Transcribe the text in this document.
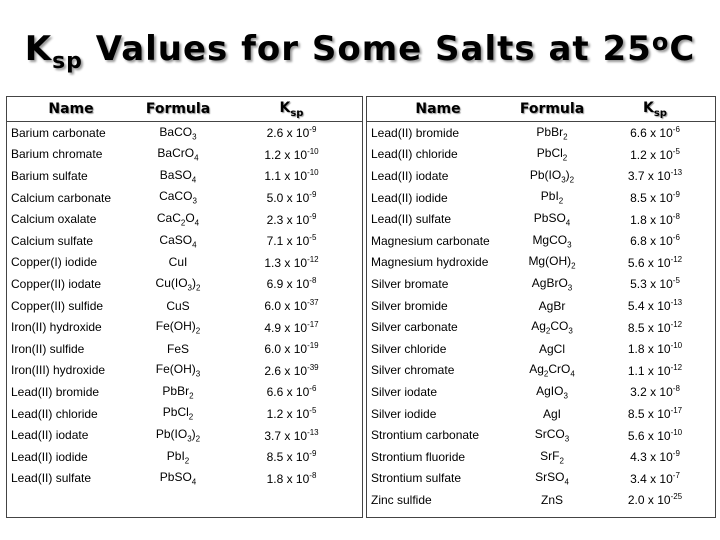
$K_{sp}$ Values for Some Salts at 25$^o$C
Name	Formula	$K_{sp}$
Barium carbonate	BaCO$_3$	2.6 x $10^{-9}$
Barium chromate	BaCrO$_4$	1.2 x $10^{-10}$
Barium sulfate	BaSO$_4$	1.1 x $10^{-10}$
Calcium carbonate	CaCO$_3$	5.0 x $10^{-9}$
Calcium oxalate	$CaC_2O_4$	2.3 x $10^{-9}$
Calcium sulfate	CaSO$_4$	7.1 x $10^{-5}$
Copper(I) iodide	CuI	1.3 x $10^{-12}$
Copper(II) iodate	$Cu(IO_3)_2$	6.9 x $10^{-8}$
Copper(II) sulfide	CuS	6.0 x $10^{-37}$
Iron(II) hydroxide	$Fe(OH)_2$	4.9 x $10^{-17}$
Iron(II) sulfide	FeS	6.0 x $10^{-19}$
Iron(III) hydroxide	$Fe(OH)_3$	2.6 x $10^{-39}$
Lead(II) bromide	PbBr$_2$	6.6 x $10^{-6}$
Lead(II) chloride	PbCl$_2$	1.2 x $10^{-5}$
Lead(II) iodate	$Pb(IO_3)_2$	3.7 x $10^{-13}$
Lead(II) iodide	PbI$_2$	8.5 x $10^{-9}$
Lead(II) sulfate	PbSO$_4$	1.8 x $10^{-8}$
Name	Formula	$K_{sp}$
Lead(II) bromide	PbBr$_2$	6.6 x $10^{-6}$
Lead(II) chloride	PbCl$_2$	1.2 x $10^{-5}$
Lead(II) iodate	$Pb(IO_3)_2$	3.7 x $10^{-13}$
Lead(II) iodide	PbI$_2$	8.5 x $10^{-9}$
Lead(II) sulfate	PbSO$_4$	1.8 x $10^{-8}$
Magnesium carbonate	MgCO$_3$	6.8 x $10^{-6}$
Magnesium hydroxide	$Mg(OH)_2$	5.6 x $10^{-12}$
Silver bromate	AgBrO$_3$	5.3 x $10^{-5}$
Silver bromide	AgBr	5.4 x $10^{-13}$
Silver carbonate	$Ag_2CO_3$	8.5 x $10^{-12}$
Silver chloride	AgCl	1.8 x $10^{-10}$
Silver chromate	$Ag_2CrO_4$	1.1 x $10^{-12}$
Silver iodate	AgIO$_3$	3.2 x $10^{-8}$
Silver iodide	AgI	8.5 x $10^{-17}$
Strontium carbonate	SrCO$_3$	5.6 x $10^{-10}$
Strontium fluoride	SrF$_2$	4.3 x $10^{-9}$
Strontium sulfate	SrSO$_4$	3.4 x $10^{-7}$
Zinc sulfide	ZnS	2.0 x $10^{-25}$
